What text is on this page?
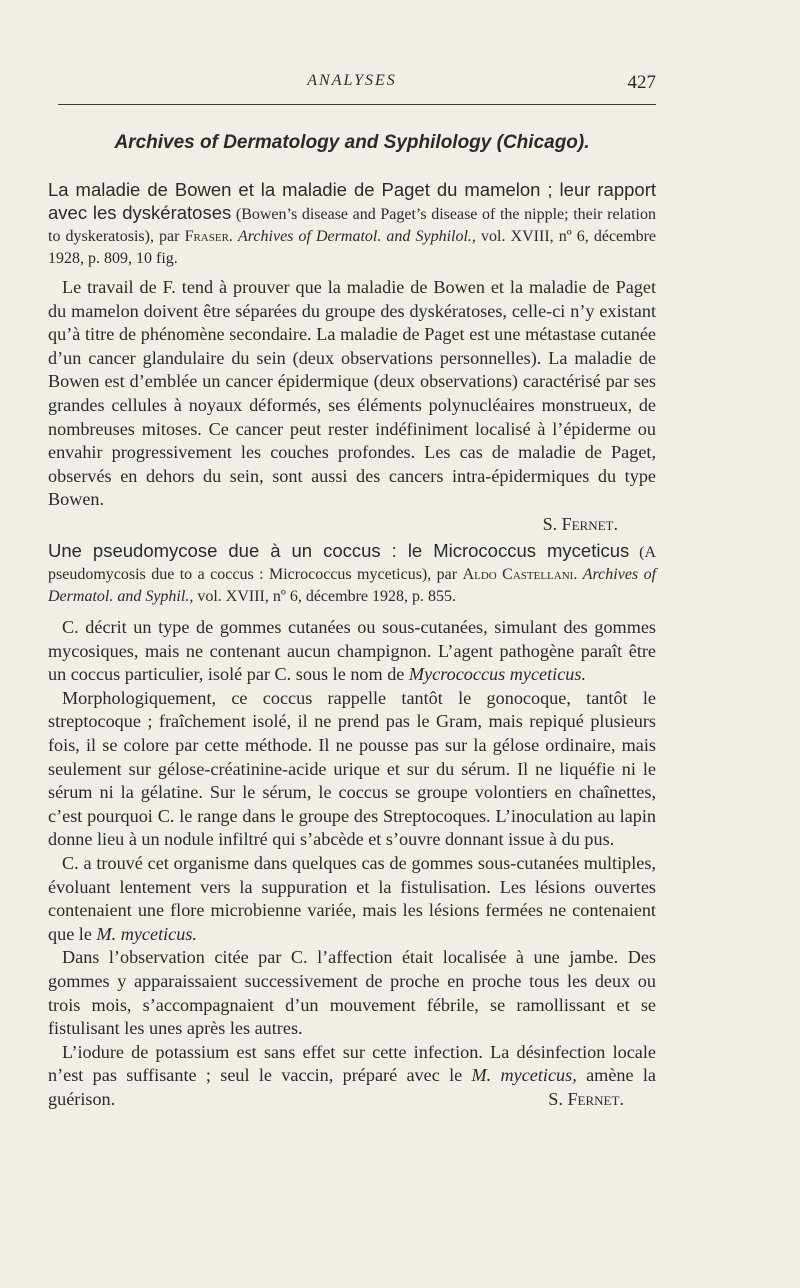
ANALYSES	427
Archives of Dermatology and Syphilology (Chicago).

La maladie de Bowen et la maladie de Paget du mamelon ; leur rapport avec les dyskératoses (Bowen’s disease and Paget’s disease of the nipple; their relation to dyskeratosis), par Fraser. Archives of Dermatol. and Syphilol., vol. XVIII, nº 6, décembre 1928, p. 809, 10 fig.

Le travail de F. tend à prouver que la maladie de Bowen et la maladie de Paget du mamelon doivent être séparées du groupe des dyskératoses, celle-ci n’y existant qu’à titre de phénomène secondaire. La maladie de Paget est une métastase cutanée d’un cancer glandulaire du sein (deux observations personnelles). La maladie de Bowen est d’emblée un cancer épidermique (deux observations) caractérisé par ses grandes cellules à noyaux déformés, ses éléments polynucléaires monstrueux, de nombreuses mitoses. Ce cancer peut rester indéfiniment localisé à l’épiderme ou envahir progressivement les couches profondes. Les cas de maladie de Paget, observés en dehors du sein, sont aussi des cancers intra-épidermiques du type Bowen.

S. Fernet.

Une pseudomycose due à un coccus : le Micrococcus myceticus (A pseudomycosis due to a coccus : Micrococcus myceticus), par Aldo Castellani. Archives of Dermatol. and Syphil., vol. XVIII, nº 6, décembre 1928, p. 855.

C. décrit un type de gommes cutanées ou sous-cutanées, simulant des gommes mycosiques, mais ne contenant aucun champignon. L’agent pathogène paraît être un coccus particulier, isolé par C. sous le nom de Mycrococcus myceticus.

Morphologiquement, ce coccus rappelle tantôt le gonocoque, tantôt le streptocoque ; fraîchement isolé, il ne prend pas le Gram, mais repiqué plusieurs fois, il se colore par cette méthode. Il ne pousse pas sur la gélose ordinaire, mais seulement sur gélose-créatinine-acide urique et sur du sérum. Il ne liquéfie ni le sérum ni la gélatine. Sur le sérum, le coccus se groupe volontiers en chaînettes, c’est pourquoi C. le range dans le groupe des Streptocoques. L’inoculation au lapin donne lieu à un nodule infiltré qui s’abcède et s’ouvre donnant issue à du pus.

C. a trouvé cet organisme dans quelques cas de gommes sous-cutanées multiples, évoluant lentement vers la suppuration et la fistulisation. Les lésions ouvertes contenaient une flore microbienne variée, mais les lésions fermées ne contenaient que le M. myceticus.

Dans l’observation citée par C. l’affection était localisée à une jambe. Des gommes y apparaissaient successivement de proche en proche tous les deux ou trois mois, s’accompagnaient d’un mouvement fébrile, se ramollissant et se fistulisant les unes après les autres.

L’iodure de potassium est sans effet sur cette infection. La désinfection locale n’est pas suffisante ; seul le vaccin, préparé avec le M. myceticus, amène la guérison.	S. Fernet.
